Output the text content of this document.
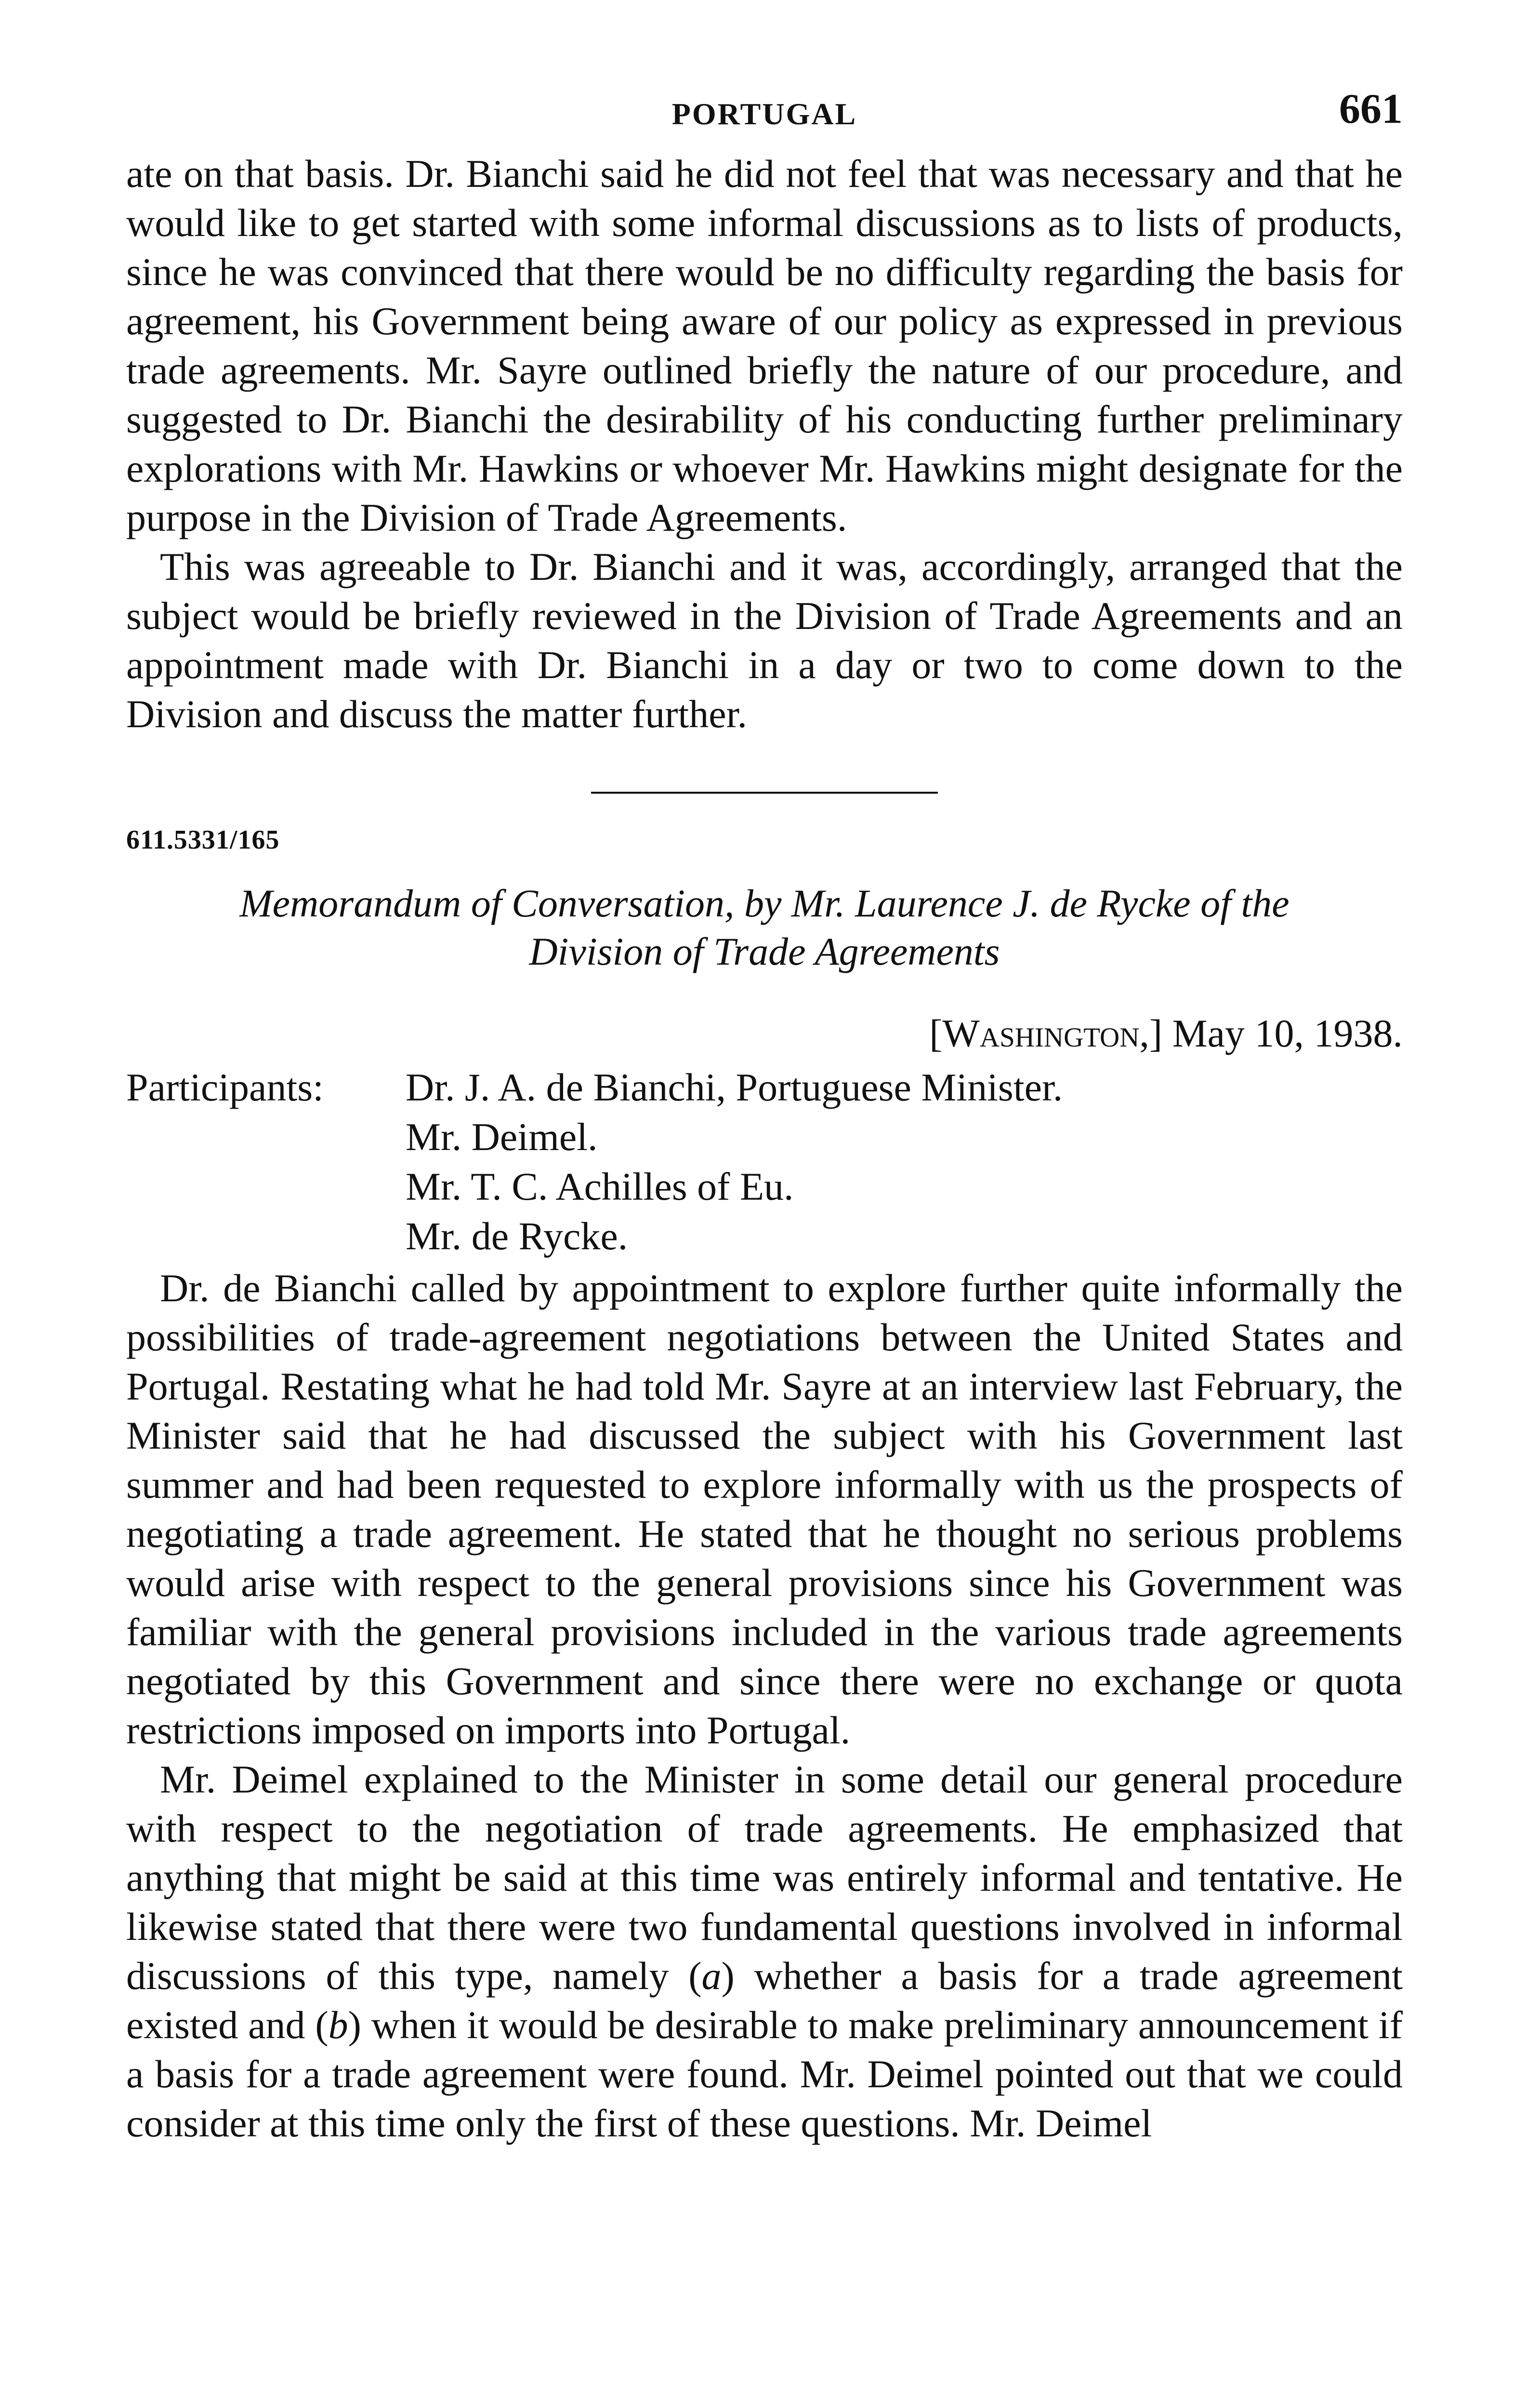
PORTUGAL	661

ate on that basis. Dr. Bianchi said he did not feel that was necessary and that he would like to get started with some informal discussions as to lists of products, since he was convinced that there would be no difficulty regarding the basis for agreement, his Government being aware of our policy as expressed in previous trade agreements. Mr. Sayre outlined briefly the nature of our procedure, and suggested to Dr. Bianchi the desirability of his conducting further preliminary explorations with Mr. Hawkins or whoever Mr. Hawkins might designate for the purpose in the Division of Trade Agreements.

This was agreeable to Dr. Bianchi and it was, accordingly, arranged that the subject would be briefly reviewed in the Division of Trade Agreements and an appointment made with Dr. Bianchi in a day or two to come down to the Division and discuss the matter further.

611.5331/165
Memorandum of Conversation, by Mr. Laurence J. de Rycke of the
Division of Trade Agreements
[Washington,] May 10, 1938.
Participants:	Dr. J. A. de Bianchi, Portuguese Minister.
Mr. Deimel.
Mr. T. C. Achilles of Eu.
Mr. de Rycke.

Dr. de Bianchi called by appointment to explore further quite informally the possibilities of trade-agreement negotiations between the United States and Portugal. Restating what he had told Mr. Sayre at an interview last February, the Minister said that he had discussed the subject with his Government last summer and had been requested to explore informally with us the prospects of negotiating a trade agreement. He stated that he thought no serious problems would arise with respect to the general provisions since his Government was familiar with the general provisions included in the various trade agreements negotiated by this Government and since there were no exchange or quota restrictions imposed on imports into Portugal.

Mr. Deimel explained to the Minister in some detail our general procedure with respect to the negotiation of trade agreements. He emphasized that anything that might be said at this time was entirely informal and tentative. He likewise stated that there were two fundamental questions involved in informal discussions of this type, namely (a) whether a basis for a trade agreement existed and (b) when it would be desirable to make preliminary announcement if a basis for a trade agreement were found. Mr. Deimel pointed out that we could consider at this time only the first of these questions. Mr. Deimel
